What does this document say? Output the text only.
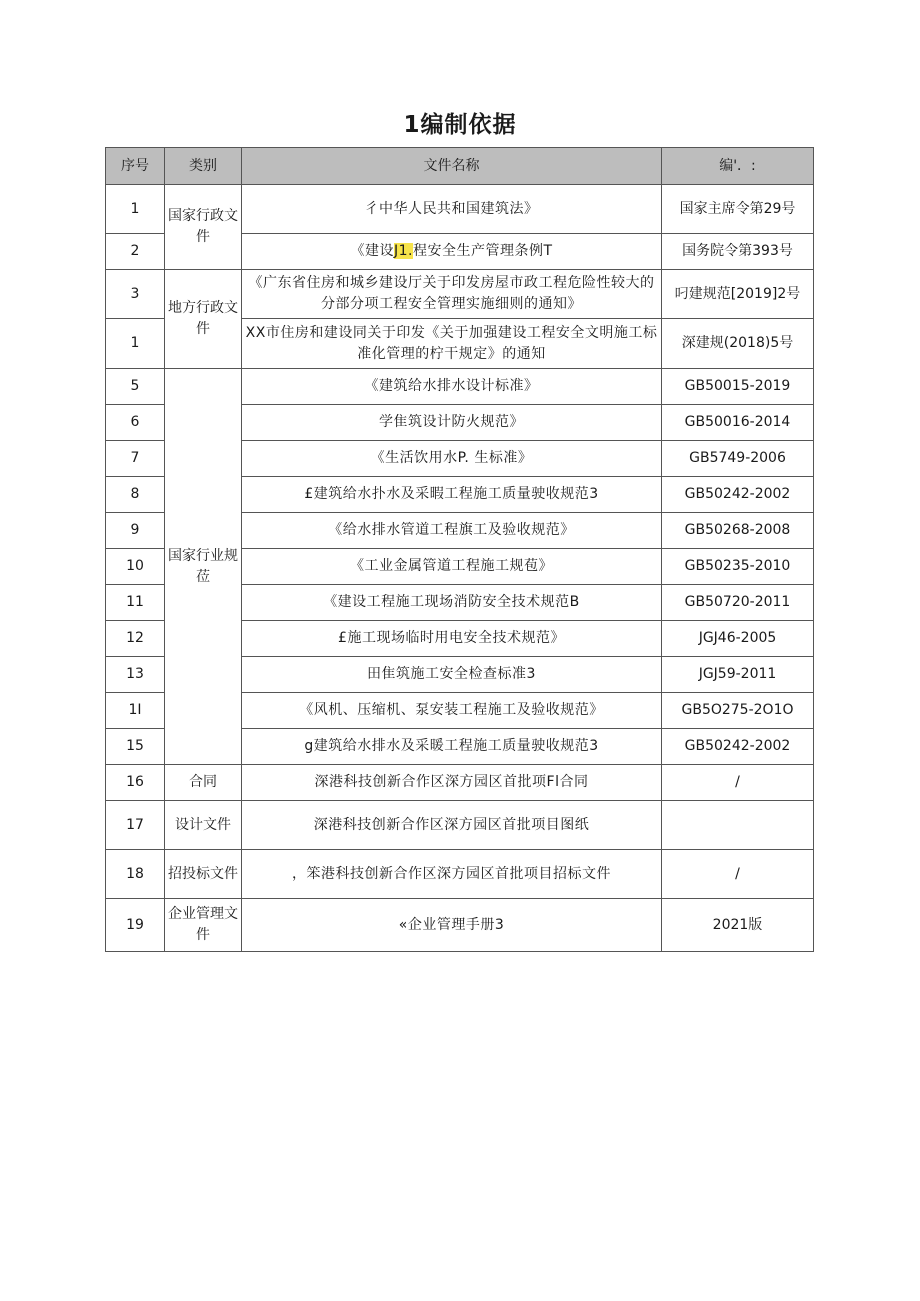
1编制依据
序号	类别	文件名称	编'．:
1	国家行政文件	彳中华人民共和国建筑法》	国家主席令第29号
2		《建设J1.程安全生产管理条例T	国务院令第393号
3	地方行政文件	《广东省住房和城乡建设厅关于印发房屋市政工程危险性较大的分部分项工程安全管理实施细则的通知》	叼建规范[2019]2号
1		XX市住房和建设同关于印发《关于加强建设工程安全文明施工标准化管理的柠干规定》的通知	深建规(2018)5号
5	国家行业规莅	《建筑给水排水设计标准》	GB50015-2019
6		学隹筑设计防火规范》	GB50016-2014
7		《生活饮用水P. 生标准》	GB5749-2006
8		£建筑给水扑水及采暇工程施工质量驶收规范3	GB50242-2002
9		《给水排水管道工程旗工及验收规范》	GB50268-2008
10		《工业金属管道工程施工规苞》	GB50235-2010
11		《建设工程施工现场消防安全技术规范B	GB50720-2011
12		£施工现场临时用电安全技术规范》	JGJ46-2005
13		田隹筑施工安全检查标准3	JGJ59-2011
1I		《风机、压缩机、泵安装工程施工及验收规范》	GB5O275-2O1O
15		g建筑给水排水及采暖工程施工质量驶收规范3	GB50242-2002
16	合同	深港科技创新合作区深方园区首批项Fl合同	/
17	设计文件	深港科技创新合作区深方园区首批项目图纸	
18	招投标文件	，笨港科技创新合作区深方园区首批项目招标文件	/
19	企业管理文件	«企业管理手册3	2021版
